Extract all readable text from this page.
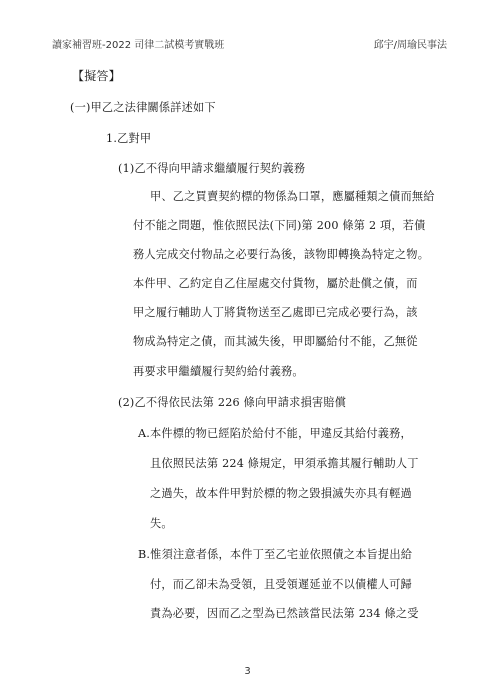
讀家補習班-2022 司律二試模考實戰班	邱宇/周瑜民事法
【擬答】
(一)甲乙之法律關係詳述如下
1.乙對甲
(1)乙不得向甲請求繼續履行契約義務
甲、乙之買賣契約標的物係為口罩，應屬種類之債而無給
付不能之問題，惟依照民法(下同)第 200 條第 2 項，若債
務人完成交付物品之必要行為後，該物即轉換為特定之物。
本件甲、乙約定自乙住屋處交付貨物，屬於赴償之債，而
甲之履行輔助人丁將貨物送至乙處即已完成必要行為，該
物成為特定之債，而其滅失後，甲即屬給付不能，乙無從
再要求甲繼續履行契約給付義務。
(2)乙不得依民法第 226 條向甲請求損害賠償
A.本件標的物已經陷於給付不能，甲違反其給付義務，
且依照民法第 224 條規定，甲須承擔其履行輔助人丁
之過失，故本件甲對於標的物之毀損滅失亦具有輕過
失。
B.惟須注意者係，本件丁至乙宅並依照債之本旨提出給
付，而乙卻未為受領，且受領遲延並不以債權人可歸
責為必要，因而乙之型為已然該當民法第 234 條之受
3
